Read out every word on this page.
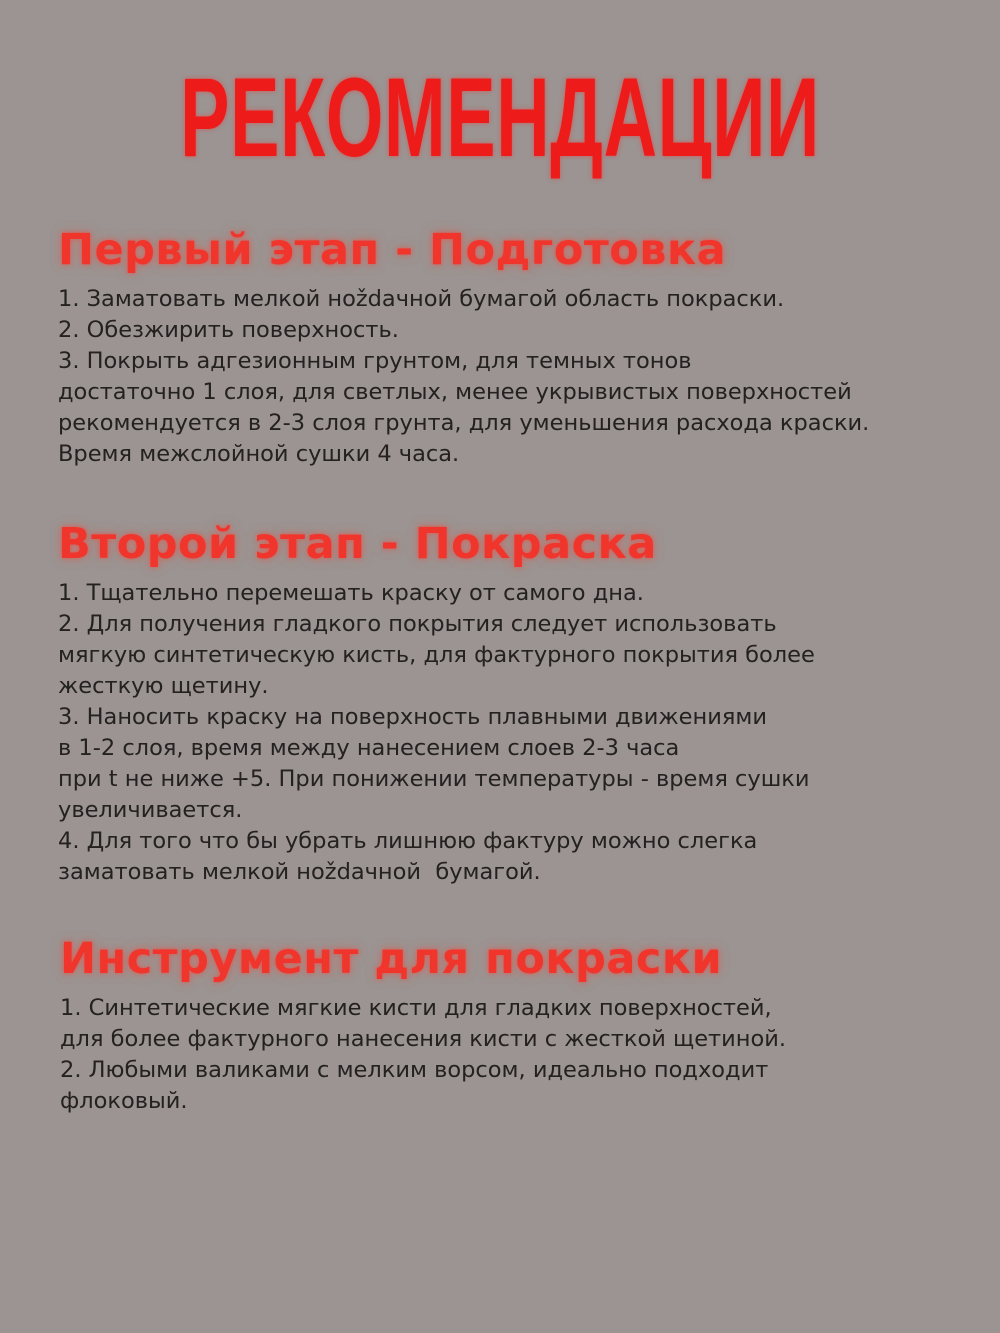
РЕКОМЕНДАЦИИ
Первый этап - Подготовка
1. Заматовать мелкой ноždачной бумагой область покраски.
2. Обезжирить поверхность.
3. Покрыть адгезионным грунтом, для темных тонов
достаточно 1 слоя, для светлых, менее укрывистых поверхностей
рекомендуется в 2-3 слоя грунта, для уменьшения расхода краски.
Время межслойной сушки 4 часа.
Второй этап - Покраска
1. Тщательно перемешать краску от самого дна.
2. Для получения гладкого покрытия следует использовать
мягкую синтетическую кисть, для фактурного покрытия более
жесткую щетину.
3. Наносить краску на поверхность плавными движениями
в 1-2 слоя, время между нанесением слоев 2-3 часа
при t не ниже +5. При понижении температуры - время сушки
увеличивается.
4. Для того что бы убрать лишнюю фактуру можно слегка
заматовать мелкой ноždачной  бумагой.
Инструмент для покраски
1. Синтетические мягкие кисти для гладких поверхностей,
для более фактурного нанесения кисти с жесткой щетиной.
2. Любыми валиками с мелким ворсом, идеально подходит
флоковый.
